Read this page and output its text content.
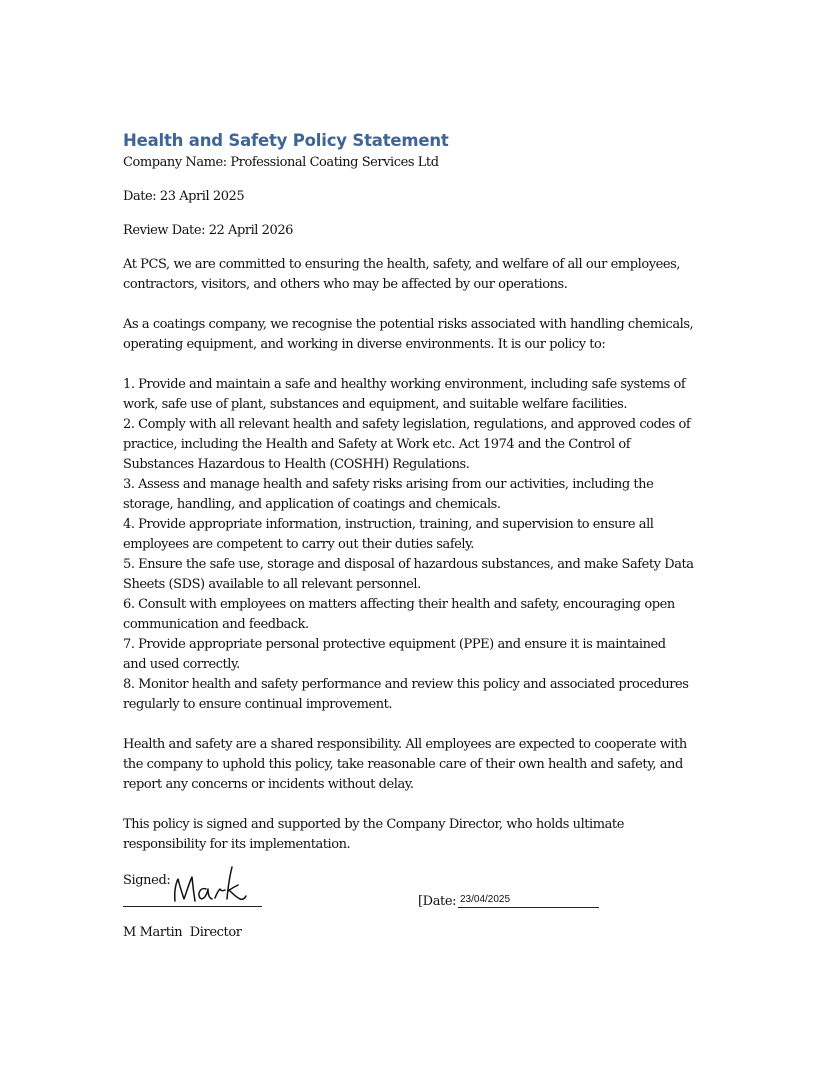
Health and Safety Policy Statement
Company Name: Professional Coating Services Ltd
Date: 23 April 2025
Review Date: 22 April 2026
At PCS, we are committed to ensuring the health, safety, and welfare of all our employees,
contractors, visitors, and others who may be affected by our operations.
As a coatings company, we recognise the potential risks associated with handling chemicals,
operating equipment, and working in diverse environments. It is our policy to:
1. Provide and maintain a safe and healthy working environment, including safe systems of
work, safe use of plant, substances and equipment, and suitable welfare facilities.
2. Comply with all relevant health and safety legislation, regulations, and approved codes of
practice, including the Health and Safety at Work etc. Act 1974 and the Control of
Substances Hazardous to Health (COSHH) Regulations.
3. Assess and manage health and safety risks arising from our activities, including the
storage, handling, and application of coatings and chemicals.
4. Provide appropriate information, instruction, training, and supervision to ensure all
employees are competent to carry out their duties safely.
5. Ensure the safe use, storage and disposal of hazardous substances, and make Safety Data
Sheets (SDS) available to all relevant personnel.
6. Consult with employees on matters affecting their health and safety, encouraging open
communication and feedback.
7. Provide appropriate personal protective equipment (PPE) and ensure it is maintained
and used correctly.
8. Monitor health and safety performance and review this policy and associated procedures
regularly to ensure continual improvement.
Health and safety are a shared responsibility. All employees are expected to cooperate with
the company to uphold this policy, take reasonable care of their own health and safety, and
report any concerns or incidents without delay.
This policy is signed and supported by the Company Director, who holds ultimate
responsibility for its implementation.
Signed:
[Date: 23/04/2025
M Martin  Director
